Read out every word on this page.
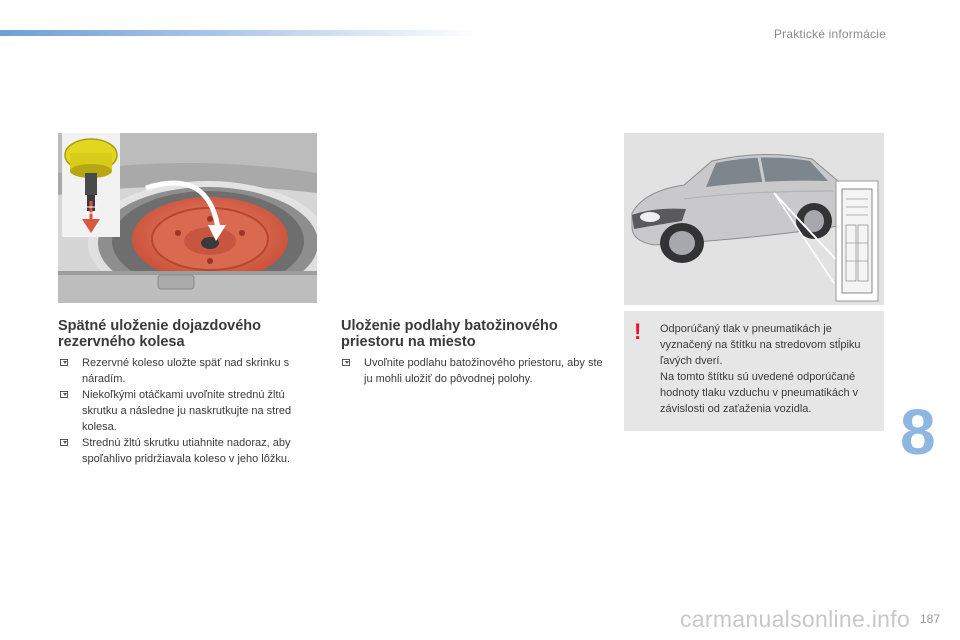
Praktické informácie
Spätné uloženie dojazdového rezervného kolesa
Rezervné koleso uložte späť nad skrinku s náradím.
Niekoľkými otáčkami uvoľnite strednú žltú skrutku a následne ju naskrutkujte na stred kolesa.
Strednú žltú skrutku utiahnite nadoraz, aby spoľahlivo pridržiavala koleso v jeho lôžku.
Uloženie podlahy batožinového priestoru na miesto
Uvoľnite podlahu batožinového priestoru, aby ste ju mohli uložiť do pôvodnej polohy.
! Odporúčaný tlak v pneumatikách je vyznačený na štítku na stredovom stĺpiku ľavých dverí.

Na tomto štítku sú uvedené odporúčané hodnoty tlaku vzduchu v pneumatikách v závislosti od zaťaženia vozidla.	8
carmanualsonline.info 187
